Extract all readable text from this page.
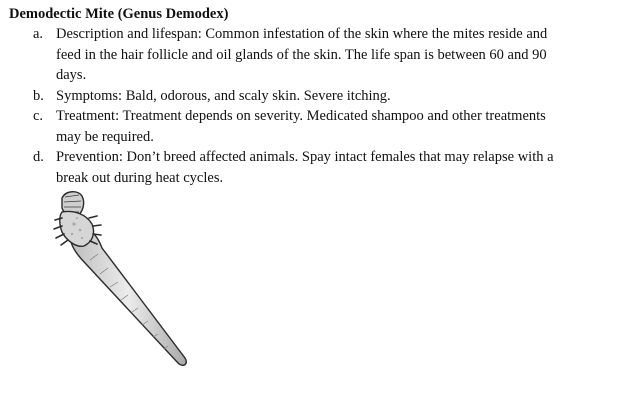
Demodectic Mite (Genus Demodex)
a. Description and lifespan: Common infestation of the skin where the mites reside and feed in the hair follicle and oil glands of the skin. The life span is between 60 and 90 days.
b. Symptoms: Bald, odorous, and scaly skin. Severe itching.
c. Treatment: Treatment depends on severity. Medicated shampoo and other treatments may be required.
d. Prevention: Don’t breed affected animals. Spay intact females that may relapse with a break out during heat cycles.
